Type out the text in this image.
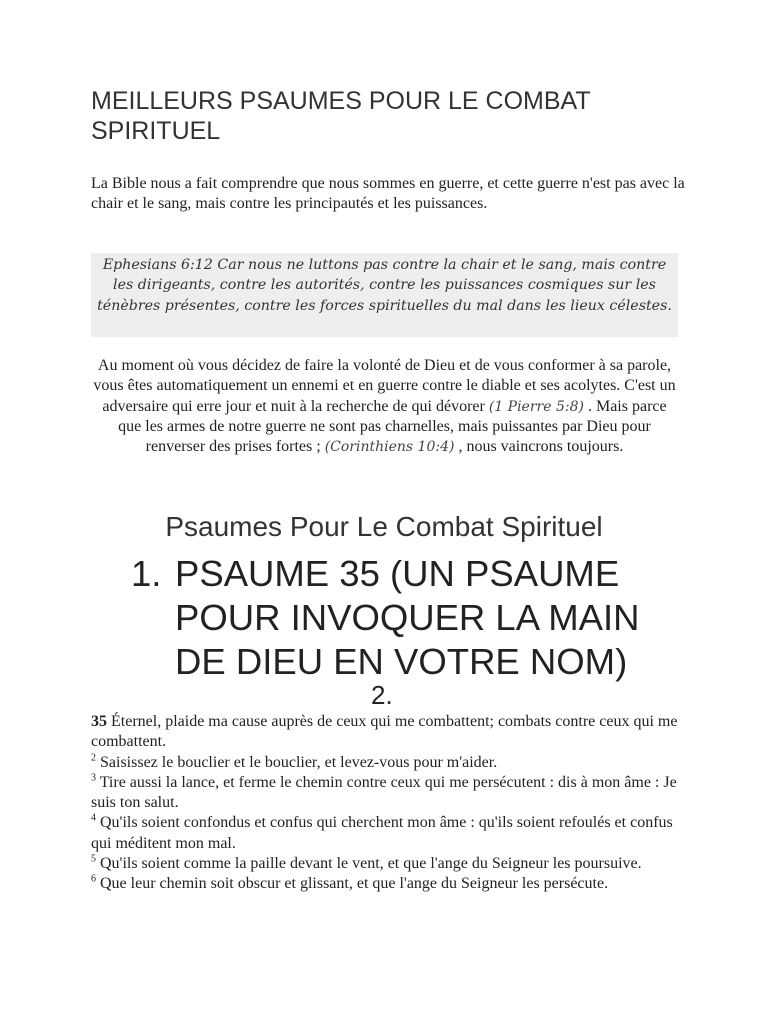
MEILLEURS PSAUMES POUR LE COMBAT SPIRITUEL

La Bible nous a fait comprendre que nous sommes en guerre, et cette guerre n'est pas avec la chair et le sang, mais contre les principautés et les puissances.

Ephesians 6:12 Car nous ne luttons pas contre la chair et le sang, mais contre les dirigeants, contre les autorités, contre les puissances cosmiques sur les ténèbres présentes, contre les forces spirituelles du mal dans les lieux célestes.

Au moment où vous décidez de faire la volonté de Dieu et de vous conformer à sa parole, vous êtes automatiquement un ennemi et en guerre contre le diable et ses acolytes. C'est un adversaire qui erre jour et nuit à la recherche de qui dévorer (1 Pierre 5:8) . Mais parce que les armes de notre guerre ne sont pas charnelles, mais puissantes par Dieu pour renverser des prises fortes ; (Corinthiens 10:4) , nous vaincrons toujours.

Psaumes Pour Le Combat Spirituel
1. PSAUME 35 (UN PSAUME POUR INVOQUER LA MAIN DE DIEU EN VOTRE NOM)
2.
35 Éternel, plaide ma cause auprès de ceux qui me combattent; combats contre ceux qui me combattent.
$^2$ Saisissez le bouclier et le bouclier, et levez-vous pour m'aider.
$^3$ Tire aussi la lance, et ferme le chemin contre ceux qui me persécutent : dis à mon âme : Je suis ton salut.
$^4$ Qu'ils soient confondus et confus qui cherchent mon âme : qu'ils soient refoulés et confus qui méditent mon mal.
$^5$ Qu'ils soient comme la paille devant le vent, et que l'ange du Seigneur les poursuive.
$^6$ Que leur chemin soit obscur et glissant, et que l'ange du Seigneur les persécute.
